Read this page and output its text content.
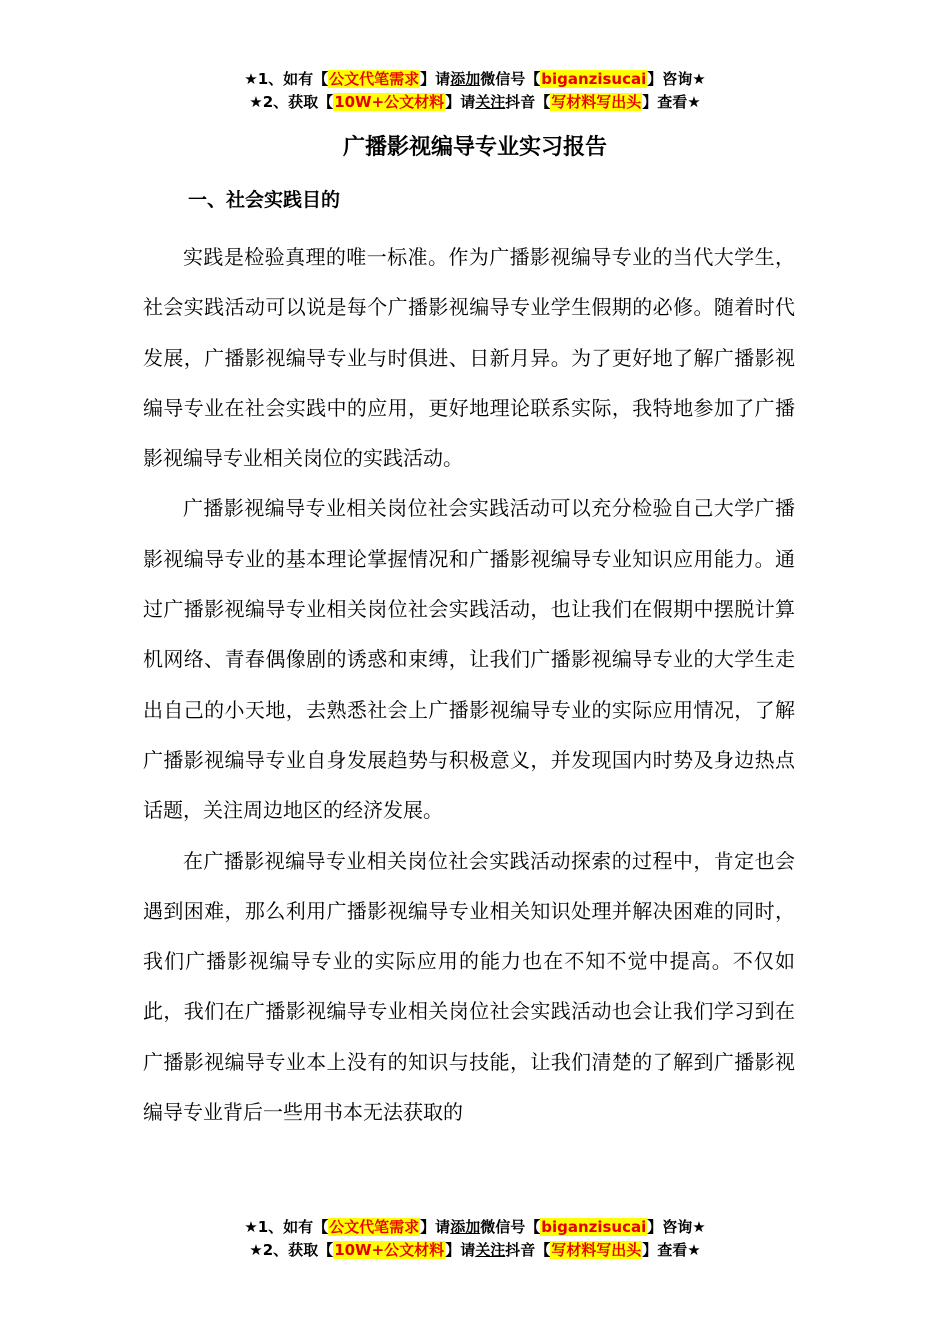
★1、如有【公文代笔需求】请添加微信号【biganzisucai】咨询★
★2、获取【10W+公文材料】请关注抖音【写材料写出头】查看★
广播影视编导专业实习报告
一、社会实践目的

实践是检验真理的唯一标准。作为广播影视编导专业的当代大学生，社会实践活动可以说是每个广播影视编导专业学生假期的必修。随着时代发展，广播影视编导专业与时俱进、日新月异。为了更好地了解广播影视编导专业在社会实践中的应用，更好地理论联系实际，我特地参加了广播影视编导专业相关岗位的实践活动。

广播影视编导专业相关岗位社会实践活动可以充分检验自己大学广播影视编导专业的基本理论掌握情况和广播影视编导专业知识应用能力。通过广播影视编导专业相关岗位社会实践活动，也让我们在假期中摆脱计算机网络、青春偶像剧的诱惑和束缚，让我们广播影视编导专业的大学生走出自己的小天地，去熟悉社会上广播影视编导专业的实际应用情况，了解广播影视编导专业自身发展趋势与积极意义，并发现国内时势及身边热点话题，关注周边地区的经济发展。

在广播影视编导专业相关岗位社会实践活动探索的过程中，肯定也会遇到困难，那么利用广播影视编导专业相关知识处理并解决困难的同时，我们广播影视编导专业的实际应用的能力也在不知不觉中提高。不仅如此，我们在广播影视编导专业相关岗位社会实践活动也会让我们学习到在广播影视编导专业本上没有的知识与技能，让我们清楚的了解到广播影视编导专业背后一些用书本无法获取的

★1、如有【公文代笔需求】请添加微信号【biganzisucai】咨询★
★2、获取【10W+公文材料】请关注抖音【写材料写出头】查看★
